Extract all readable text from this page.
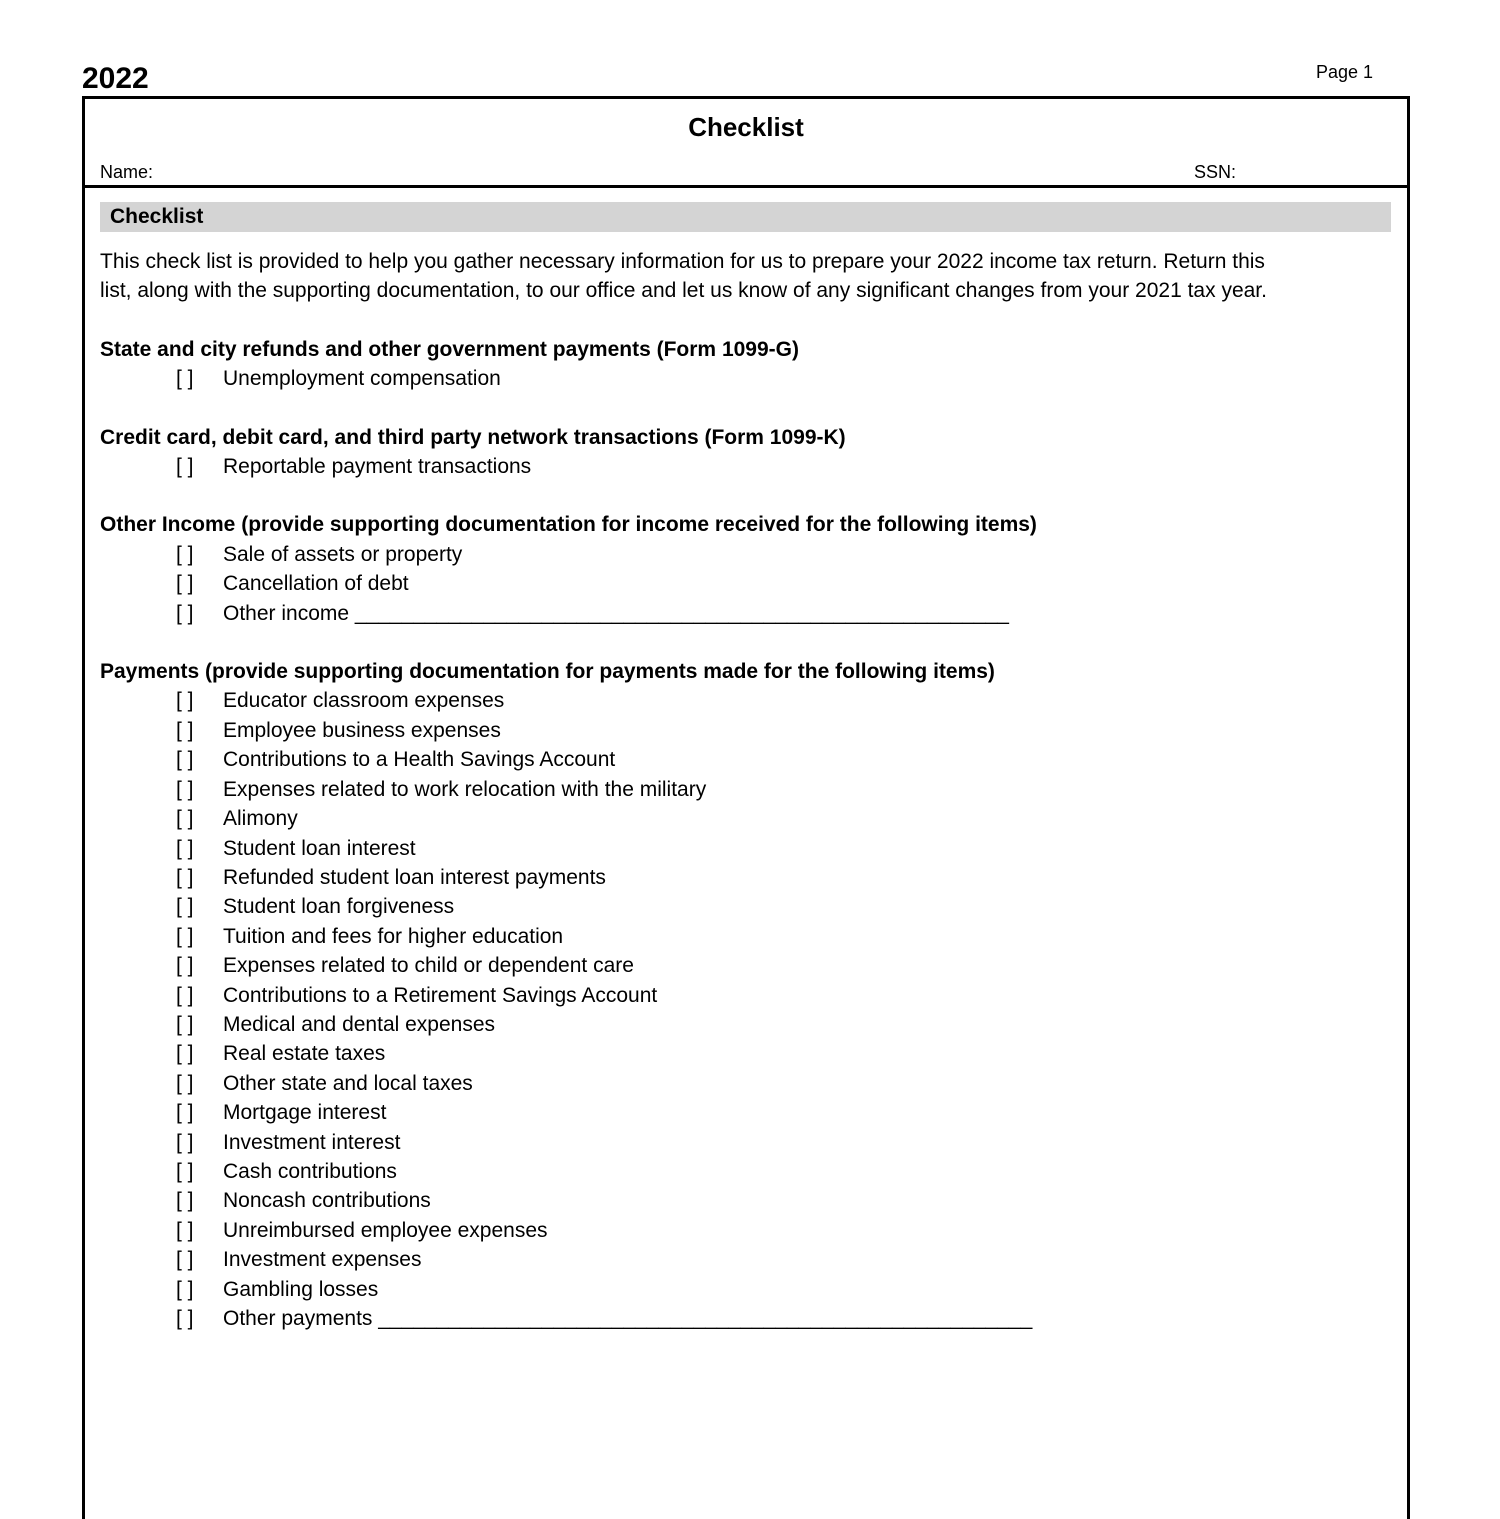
2022	Page 1
Checklist
Name:	SSN:
Checklist

This check list is provided to help you gather necessary information for us to prepare your 2022 income tax return. Return this list, along with the supporting documentation, to our office and let us know of any significant changes from your 2021 tax year.

State and city refunds and other government payments (Form 1099-G)
[ ]	Unemployment compensation
Credit card, debit card, and third party network transactions (Form 1099-K)
[ ]	Reportable payment transactions
Other Income (provide supporting documentation for income received for the following items)
[ ]	Sale of assets or property
[ ]	Cancellation of debt
[ ]	Other income ________________________________________________________
Payments (provide supporting documentation for payments made for the following items)
[ ]	Educator classroom expenses
[ ]	Employee business expenses
[ ]	Contributions to a Health Savings Account
[ ]	Expenses related to work relocation with the military
[ ]	Alimony
[ ]	Student loan interest
[ ]	Refunded student loan interest payments
[ ]	Student loan forgiveness
[ ]	Tuition and fees for higher education
[ ]	Expenses related to child or dependent care
[ ]	Contributions to a Retirement Savings Account
[ ]	Medical and dental expenses
[ ]	Real estate taxes
[ ]	Other state and local taxes
[ ]	Mortgage interest
[ ]	Investment interest
[ ]	Cash contributions
[ ]	Noncash contributions
[ ]	Unreimbursed employee expenses
[ ]	Investment expenses
[ ]	Gambling losses
[ ]	Other payments ________________________________________________________
